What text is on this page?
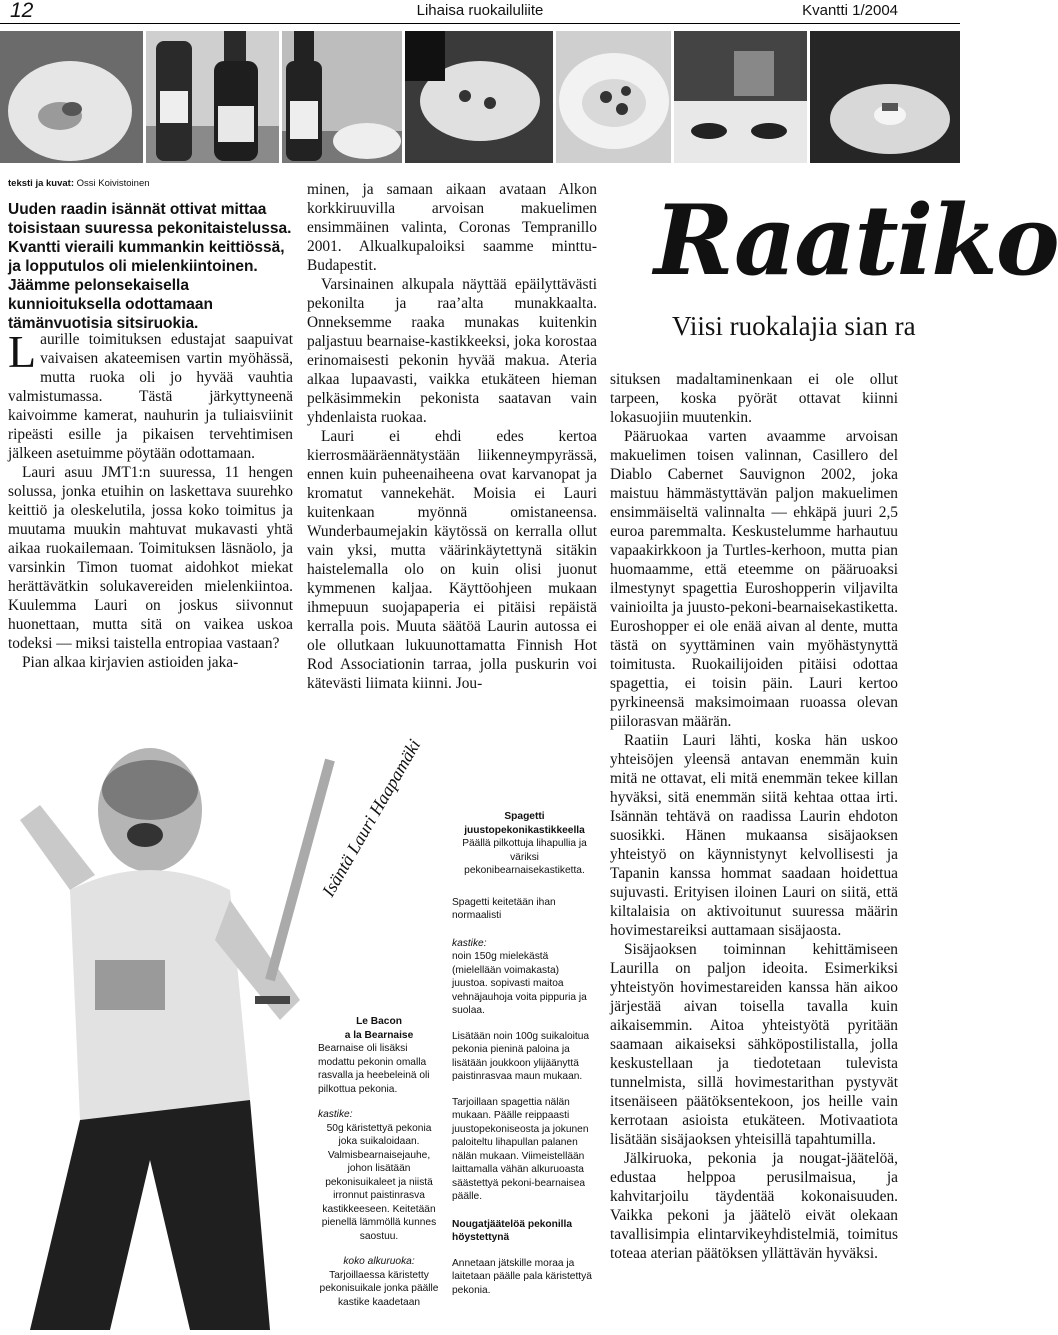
12	Lihaisa ruokailuliite	Kvantti 1/2004
teksti ja kuvat: Ossi Koivistoinen
Uuden raadin isännät ottivat mittaa toisistaan suuressa pekonitaistelussa. Kvantti vieraili kummankin keittiössä, ja lopputulos oli mielenkiintoinen. Jäämme pelonsekaisella kunnioituksella odottamaan tämänvuotisia sitsiruokia.

Laurille toimituksen edustajat saapuivat vaivaisen akateemisen vartin myöhässä, mutta ruoka oli jo hyvää vauhtia valmistumassa. Tästä järkyttyneenä kaivoimme kamerat, nauhurin ja tuliaisviinit ripeästi esille ja pikaisen tervehtimisen jälkeen asetuimme pöytään odottamaan.

Lauri asuu JMT1:n suuressa, 11 hengen solussa, jonka etuihin on laskettava suurehko keittiö ja oleskelutila, jossa koko toimitus ja muutama muukin mahtuvat mukavasti yhtä aikaa ruokailemaan. Toimituksen läsnäolo, ja varsinkin Timon tuomat aidohkot miekat herättävätkin solukavereiden mielenkiintoa. Kuulemma Lauri on joskus siivonnut huonettaan, mutta sitä on vaikea uskoa todeksi — miksi taistella entropiaa vastaan?

Pian alkaa kirjavien astioiden jaka-

Isäntä Lauri Haapamäki

minen, ja samaan aikaan avataan Alkon korkkiruuvilla arvoisan makuelimen ensimmäinen valinta, Coronas Tempranillo 2001. Alkualkupaloiksi saamme minttu-Budapestit.

Varsinainen alkupala näyttää epäilyttävästi pekonilta ja raa’alta munakkaalta. Onneksemme raaka munakas kuitenkin paljastuu bearnaise-kastikkeeksi, joka korostaa erinomaisesti pekonin hyvää makua. Ateria alkaa lupaavasti, vaikka etukäteen hieman pelkäsimmekin pekonista saatavan vain yhdenlaista ruokaa.

Lauri ei ehdi edes kertoa kierrosmääräennätystään liikenneympyrässä, ennen kuin puheenaiheena ovat karvanopat ja kromatut vannekehät. Moisia ei Lauri kuitenkaan myönnä omistaneensa. Wunderbaumejakin käytössä on kerralla ollut vain yksi, mutta väärinkäytettynä sitäkin haistelemalla olo on kuin olisi juonut kymmenen kaljaa. Käyttöohjeen mukaan ihmepuun suojapaperia ei pitäisi repäistä kerralla pois. Muuta säätöä Laurin autossa ei ole ollutkaan lukuunottamatta Finnish Hot Rod Associationin tarraa, jolla puskurin voi kätevästi liimata kiinni. Jou-

Le Bacon
a la Bearnaise
Bearnaise oli lisäksi modattu pekonin omalla rasvalla ja heebeleinä oli pilkottua pekonia.
kastike:
50g käristettyä pekonia joka suikaloidaan. Valmisbearnaisejauhe, johon lisätään pekonisuikaleet ja niistä irronnut paistinrasva kastikkeeseen. Keitetään pienellä lämmöllä kunnes saostuu.
koko alkuruoka:
Tarjoillaessa käristetty pekonisuikale jonka päälle kastike kaadetaan
Spagetti juustopekonikastikkeella
Päällä pilkottuja lihapullia ja väriksi pekonibearnaisekastiketta.
Spagetti keitetään ihan normaalisti
kastike:
noin 150g mielekästä (mielellään voimakasta) juustoa. sopivasti maitoa vehnäjauhoja voita pippuria ja suolaa.
Lisätään noin 100g suikaloitua pekonia pieninä paloina ja lisätään joukkoon ylijäänyttä paistinrasvaa maun mukaan.
Tarjoillaan spagettia nälän mukaan. Päälle reippaasti juustopekoniseosta ja jokunen paloiteltu lihapullan palanen nälän mukaan. Viimeistellään laittamalla vähän alkuruoasta säästettyä pekoni-bearnaisea päälle.
Nougatjäätelöä pekonilla höystettynä
Annetaan jätskille moraa ja laitetaan päälle pala käristettyä pekonia.
Raatiko
Viisi ruokalajia sian ra

situksen madaltaminenkaan ei ole ollut tarpeen, koska pyörät ottavat kiinni lokasuojiin muutenkin.

Pääruokaa varten avaamme arvoisan makuelimen toisen valinnan, Casillero del Diablo Cabernet Sauvignon 2002, joka maistuu hämmästyttävän paljon makuelimen ensimmäiseltä valinnalta — ehkäpä juuri 2,5 euroa paremmalta. Keskustelumme harhautuu vapaakirkkoon ja Turtles-kerhoon, mutta pian huomaamme, että eteemme on pääruoaksi ilmestynyt spagettia Euroshopperin viljavilta vainioilta ja juusto-pekoni-bearnaisekastiketta. Euroshopper ei ole enää aivan al dente, mutta tästä on syyttäminen vain myöhästynyttä toimitusta. Ruokailijoiden pitäisi odottaa spagettia, ei toisin päin. Lauri kertoo pyrkineensä maksimoimaan ruoassa olevan piilorasvan määrän.

Raatiin Lauri lähti, koska hän uskoo yhteisöjen yleensä antavan enemmän kuin mitä ne ottavat, eli mitä enemmän tekee killan hyväksi, sitä enemmän siitä kehtaa ottaa irti. Isännän tehtävä on raadissa Laurin ehdoton suosikki. Hänen mukaansa sisäjaoksen yhteistyö on käynnistynyt kelvollisesti ja Tapanin kanssa hommat saadaan hoidettua sujuvasti. Erityisen iloinen Lauri on siitä, että kiltalaisia on aktivoitunut suuressa määrin hovimestareiksi auttamaan sisäjaosta.

Sisäjaoksen toiminnan kehittämiseen Laurilla on paljon ideoita. Esimerkiksi yhteistyön hovimestareiden kanssa hän aikoo järjestää aivan toisella tavalla kuin aikaisemmin. Aitoa yhteistyötä pyritään saamaan aikaiseksi sähköpostilistalla, jolla keskustellaan ja tiedotetaan tulevista tunnelmista, sillä hovimestarithan pystyvät itsenäiseen päätöksentekoon, jos heille vain kerrotaan asioista etukäteen. Motivaatiota lisätään sisäjaoksen yhteisillä tapahtumilla.

Jälkiruoka, pekonia ja nougat-jäätelöä, edustaa helppoa perusilmaisua, ja kahvitarjoilu täydentää kokonaisuuden. Vaikka pekoni ja jäätelö eivät olekaan tavallisimpia elintarvikeyhdistelmiä, toimitus toteaa aterian päätöksen yllättävän hyväksi.
